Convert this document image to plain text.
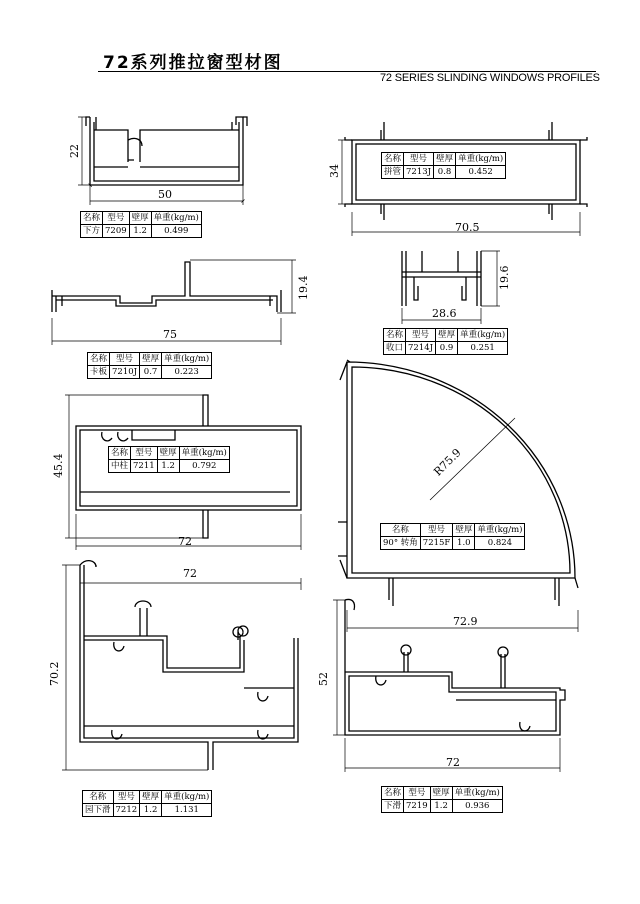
72系列推拉窗型材图
72 SERIES SLINDING WINDOWS PROFILES
22
50
34
70.5
19.4
75
19.6
28.6
45.4
72
R75.9
72.9
72
70.2	52
72
名称	型号	壁厚	单重(kg/m)
下方	7209	1.2	0.499
名称	型号	壁厚	单重(kg/m)
拼管	7213J	0.8	0.452
名称	型号	壁厚	单重(kg/m)
卡板	7210J	0.7	0.223
名称	型号	壁厚	单重(kg/m)
收口	7214J	0.9	0.251
名称	型号	壁厚	单重(kg/m)
中柱	7211	1.2	0.792
名称	型号	壁厚	单重(kg/m)
90° 转角	7215F	1.0	0.824
名称	型号	壁厚	单重(kg/m)
园下滑	7212	1.2	1.131
名称	型号	壁厚	单重(kg/m)
下滑	7219	1.2	0.936
